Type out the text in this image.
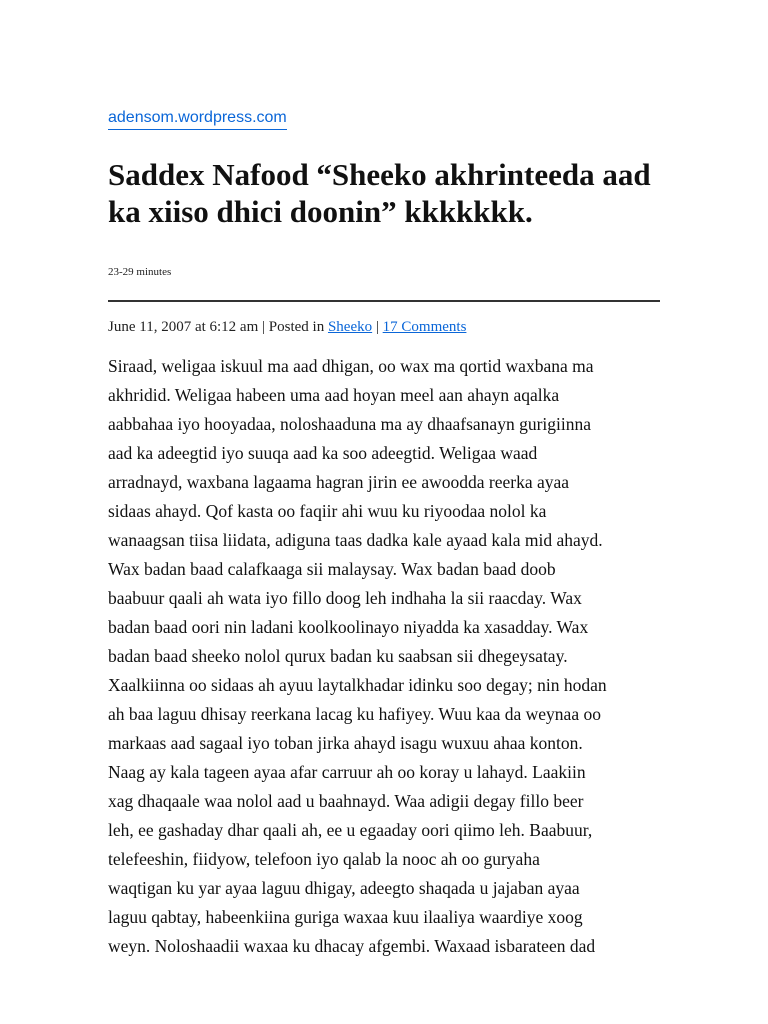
adensom.wordpress.com
Saddex Nafood “Sheeko akhrinteeda aad ka xiiso dhici doonin” kkkkkkk.
23-29 minutes
June 11, 2007 at 6:12 am | Posted in Sheeko | 17 Comments
Siraad, weligaa iskuul ma aad dhigan, oo wax ma qortid waxbana ma
akhridid. Weligaa habeen uma aad hoyan meel aan ahayn aqalka
aabbahaa iyo hooyadaa, noloshaaduna ma ay dhaafsanayn gurigiinna
aad ka adeegtid iyo suuqa aad ka soo adeegtid. Weligaa waad
arradnayd, waxbana lagaama hagran jirin ee awoodda reerka ayaa
sidaas ahayd. Qof kasta oo faqiir ahi wuu ku riyoodaa nolol ka
wanaagsan tiisa liidata, adiguna taas dadka kale ayaad kala mid ahayd.
Wax badan baad calafkaaga sii malaysay. Wax badan baad doob
baabuur qaali ah wata iyo fillo doog leh indhaha la sii raacday. Wax
badan baad oori nin ladani koolkoolinayo niyadda ka xasadday. Wax
badan baad sheeko nolol qurux badan ku saabsan sii dhegeysatay.
Xaalkiinna oo sidaas ah ayuu laytalkhadar idinku soo degay; nin hodan
ah baa laguu dhisay reerkana lacag ku hafiyey. Wuu kaa da weynaa oo
markaas aad sagaal iyo toban jirka ahayd isagu wuxuu ahaa konton.
Naag ay kala tageen ayaa afar carruur ah oo koray u lahayd. Laakiin
xag dhaqaale waa nolol aad u baahnayd. Waa adigii degay fillo beer
leh, ee gashaday dhar qaali ah, ee u egaaday oori qiimo leh. Baabuur,
telefeeshin, fiidyow, telefoon iyo qalab la nooc ah oo guryaha
waqtigan ku yar ayaa laguu dhigay, adeegto shaqada u jajaban ayaa
laguu qabtay, habeenkiina guriga waxaa kuu ilaaliya waardiye xoog
weyn. Noloshaadii waxaa ku dhacay afgembi. Waxaad isbarateen dad
